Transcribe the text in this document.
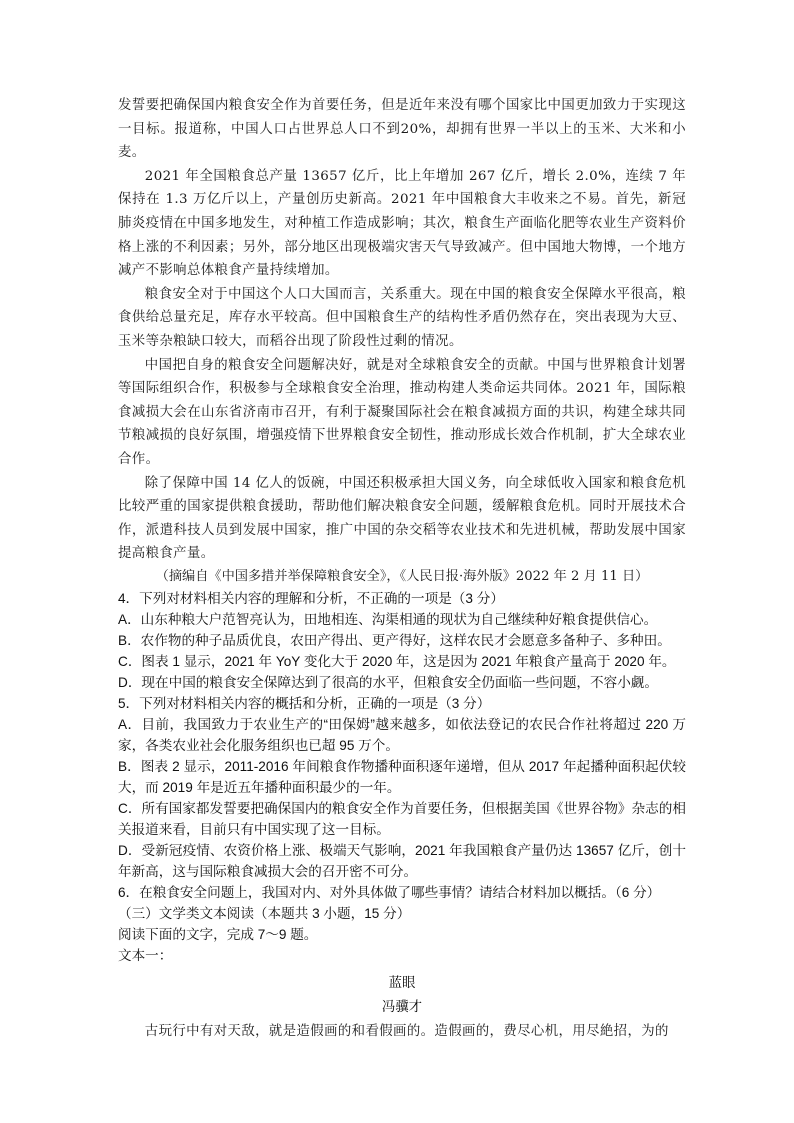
发誓要把确保国内粮食安全作为首要任务，但是近年来没有哪个国家比中国更加致力于实现这一目标。报道称，中国人口占世界总人口不到20%，却拥有世界一半以上的玉米、大米和小麦。

2021 年全国粮食总产量 13657 亿斤，比上年增加 267 亿斤，增长 2.0%，连续 7 年保持在 1.3 万亿斤以上，产量创历史新高。2021 年中国粮食大丰收来之不易。首先，新冠肺炎疫情在中国多地发生，对种植工作造成影响；其次，粮食生产面临化肥等农业生产资料价格上涨的不利因素；另外，部分地区出现极端灾害天气导致减产。但中国地大物博，一个地方减产不影响总体粮食产量持续增加。

粮食安全对于中国这个人口大国而言，关系重大。现在中国的粮食安全保障水平很高，粮食供给总量充足，库存水平较高。但中国粮食生产的结构性矛盾仍然存在，突出表现为大豆、玉米等杂粮缺口较大，而稻谷出现了阶段性过剩的情况。

中国把自身的粮食安全问题解决好，就是对全球粮食安全的贡献。中国与世界粮食计划署等国际组织合作，积极参与全球粮食安全治理，推动构建人类命运共同体。2021 年，国际粮食减损大会在山东省济南市召开，有利于凝聚国际社会在粮食减损方面的共识，构建全球共同节粮减损的良好氛围，增强疫情下世界粮食安全韧性，推动形成长效合作机制，扩大全球农业合作。

除了保障中国 14 亿人的饭碗，中国还积极承担大国义务，向全球低收入国家和粮食危机比较严重的国家提供粮食援助，帮助他们解决粮食安全问题，缓解粮食危机。同时开展技术合作，派遣科技人员到发展中国家，推广中国的杂交稻等农业技术和先进机械，帮助发展中国家提高粮食产量。

（摘编自《中国多措并举保障粮食安全》，《人民日报·海外版》2022 年 2 月 11 日）

4．下列对材料相关内容的理解和分析，不正确的一项是（3 分）

A．山东种粮大户范智亮认为，田地相连、沟渠相通的现状为自己继续种好粮食提供信心。

B．农作物的种子品质优良，农田产得出、更产得好，这样农民才会愿意多备种子、多种田。

C．图表 1 显示，2021 年 YoY 变化大于 2020 年，这是因为 2021 年粮食产量高于 2020 年。

D．现在中国的粮食安全保障达到了很高的水平，但粮食安全仍面临一些问题，不容小觑。

5．下列对材料相关内容的概括和分析，正确的一项是（3 分）

A．目前，我国致力于农业生产的“田保姆”越来越多，如依法登记的农民合作社将超过 220 万家，各类农业社会化服务组织也已超 95 万个。

B．图表 2 显示，2011-2016 年间粮食作物播种面积逐年递增，但从 2017 年起播种面积起伏较大，而 2019 年是近五年播种面积最少的一年。

C．所有国家都发誓要把确保国内的粮食安全作为首要任务，但根据美国《世界谷物》杂志的相关报道来看，目前只有中国实现了这一目标。

D．受新冠疫情、农资价格上涨、极端天气影响，2021 年我国粮食产量仍达 13657 亿斤，创十年新高，这与国际粮食减损大会的召开密不可分。

6．在粮食安全问题上，我国对内、对外具体做了哪些事情？请结合材料加以概括。（6 分）

（三）文学类文本阅读（本题共 3 小题，15 分）

阅读下面的文字，完成 7～9 题。

文本一：

蓝眼

冯骥才

古玩行中有对天敌，就是造假画的和看假画的。造假画的，费尽心机，用尽絶招，为的
